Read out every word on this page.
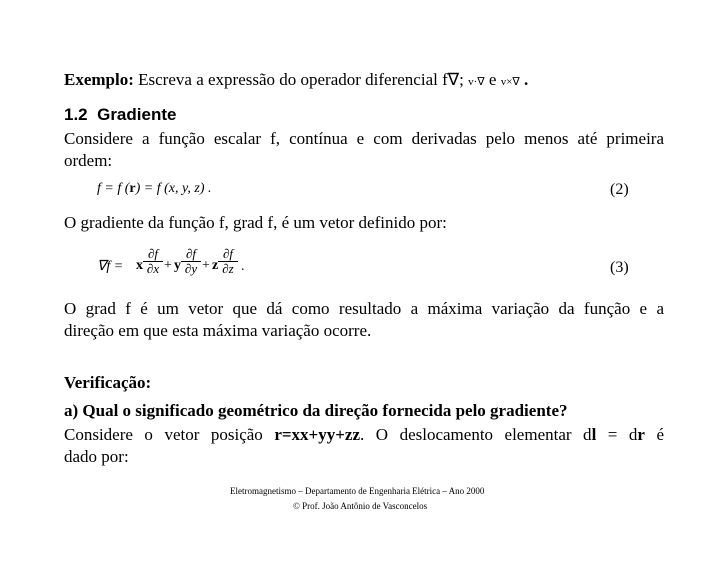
Exemplo: Escreva a expressão do operador diferencial f∇; v·∇ e v×∇ .
1.2 Gradiente
Considere a função escalar f, contínua e com derivadas pelo menos até primeira
ordem:
f = f (r) = f (x, y, z) .	(2)
O gradiente da função f, grad f, é um vetor definido por:
∇f = x $\frac{\partial f}{\partial x} + y \frac{\partial f}{\partial y} + z \frac{\partial f}{\partial z}$ .	(3)
O grad f é um vetor que dá como resultado a máxima variação da função e a
direção em que esta máxima variação ocorre.
Verificação:
a) Qual o significado geométrico da direção fornecida pelo gradiente?
Considere o vetor posição r=xx+yy+zz. O deslocamento elementar dl = dr é
dado por:
Eletromagnetismo – Departamento de Engenharia Elétrica – Ano 2000
© Prof. João Antônio de Vasconcelos
